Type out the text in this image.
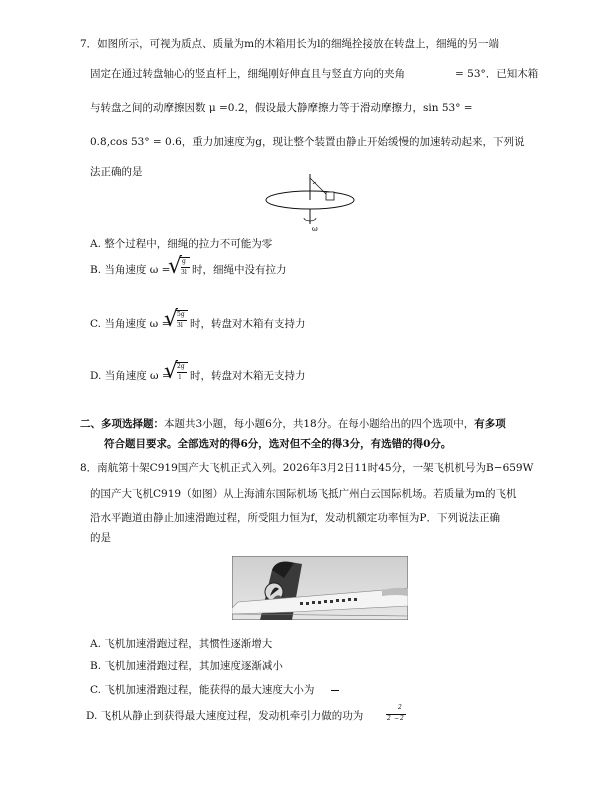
7．如图所示，可视为质点、质量为m的木箱用长为l的细绳拴接放在转盘上，细绳的另一端
固定在通过转盘轴心的竖直杆上，细绳刚好伸直且与竖直方向的夹角	= 53°．已知木箱
与转盘之间的动摩擦因数 μ =0.2，假设最大静摩擦力等于滑动摩擦力，sin 53° =
0.8,cos 53° = 0.6，重力加速度为g，现让整个装置由静止开始缓慢的加速转动起来，下列说
法正确的是
ω
A. 整个过程中，细绳的拉力不可能为零
B. 当角速度 ω =
√ g
3l 时，细绳中没有拉力
C. 当角速度 ω =
√
5g
3l 时，转盘对木箱有支持力
D. 当角速度 ω =
√
2g
l 时，转盘对木箱无支持力
二、多项选择题：本题共3小题，每小题6分，共18分。在每小题给出的四个选项中，有多项
符合题目要求。全部选对的得6分，选对但不全的得3分，有选错的得0分。
8．南航第十架C919国产大飞机正式入列。2026年3月2日11时45分，一架飞机机号为B−659W
的国产大飞机C919（如图）从上海浦东国际机场飞抵广州白云国际机场。若质量为m的飞机
沿水平跑道由静止加速滑跑过程，所受阻力恒为f，发动机额定功率恒为P．下列说法正确
的是
A. 飞机加速滑跑过程，其惯性逐渐增大
B. 飞机加速滑跑过程，其加速度逐渐减小
C. 飞机加速滑跑过程，能获得的最大速度大小为
D. 飞机从静止到获得最大速度过程，发动机牵引力做的功为
2
2 − 2
